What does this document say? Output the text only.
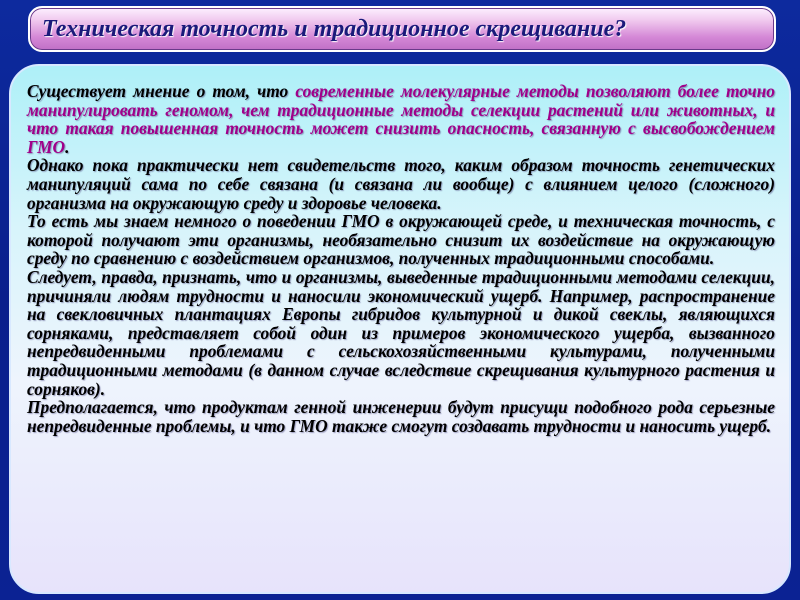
Техническая точность и традиционное скрещивание?

Существует мнение о том, что современные молекулярные методы позволяют более точно манипулировать геномом, чем традиционные методы селекции растений или животных, и что такая повышенная точность может снизить опасность, связанную с высвобождением ГМО.

Однако пока практически нет свидетельств того, каким образом точность генетических манипуляций сама по себе связана (и связана ли вообще) с влиянием целого (сложного) организма на окружающую среду и здоровье человека.

То есть мы знаем немного о поведении ГМО в окружающей среде, и техническая точность, с которой получают эти организмы, необязательно снизит их воздействие на окружающую среду по сравнению с воздействием организмов, полученных традиционными способами.

Следует, правда, признать, что и организмы, выведенные традиционными методами селекции, причиняли людям трудности и наносили экономический ущерб. Например, распространение на свекловичных плантациях Европы гибридов культурной и дикой свеклы, являющихся сорняками, представляет собой один из примеров экономического ущерба, вызванного непредвиденными проблемами с сельскохозяйственными культурами, полученными традиционными методами (в данном случае вследствие скрещивания культурного растения и сорняков).

Предполагается, что продуктам генной инженерии будут присущи подобного рода серьезные непредвиденные проблемы, и что ГМО также смогут создавать трудности и наносить ущерб.
